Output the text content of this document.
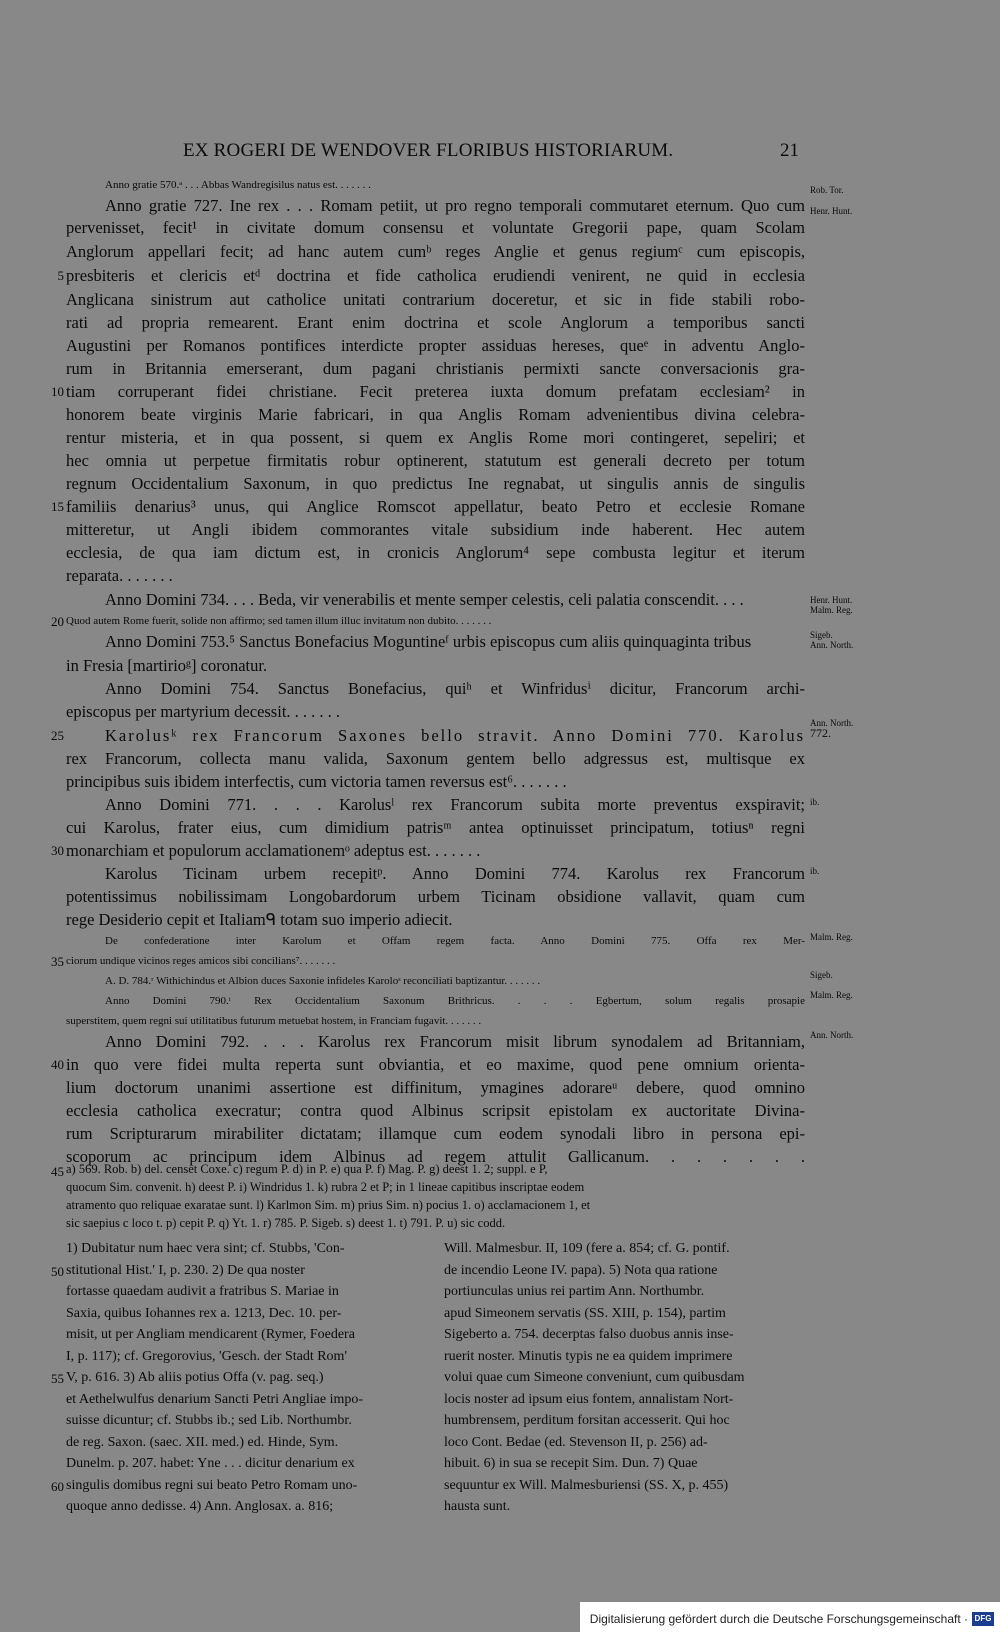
EX ROGERI DE WENDOVER FLORIBUS HISTORIARUM.	21
Anno gratie 570.ᵃ . . . Abbas Wandregisilus natus est. . . . . . .
Anno gratie 727. Ine rex . . . Romam petiit, ut pro regno temporali commutaret eternum. Quo cum
pervenisset, fecit¹ in civitate domum consensu et voluntate Gregorii pape, quam Scolam
Anglorum appellari fecit; ad hanc autem cumᵇ reges Anglie et genus regiumᶜ cum episcopis,
presbiteris et clericis etᵈ doctrina et fide catholica erudiendi venirent, ne quid in ecclesia
Anglicana sinistrum aut catholice unitati contrarium doceretur, et sic in fide stabili robo-
rati ad propria remearent. Erant enim doctrina et scole Anglorum a temporibus sancti
Augustini per Romanos pontifices interdicte propter assiduas hereses, queᵉ in adventu Anglo-
rum in Britannia emerserant, dum pagani christianis permixti sancte conversacionis gra-
tiam corruperant fidei christiane. Fecit preterea iuxta domum prefatam ecclesiam² in
honorem beate virginis Marie fabricari, in qua Anglis Romam advenientibus divina celebra-
rentur misteria, et in qua possent, si quem ex Anglis Rome mori contingeret, sepeliri; et
hec omnia ut perpetue firmitatis robur optinerent, statutum est generali decreto per totum
regnum Occidentalium Saxonum, in quo predictus Ine regnabat, ut singulis annis de singulis
familiis denarius³ unus, qui Anglice Romscot appellatur, beato Petro et ecclesie Romane
mitteretur, ut Angli ibidem commorantes vitale subsidium inde haberent. Hec autem
ecclesia, de qua iam dictum est, in cronicis Anglorum⁴ sepe combusta legitur et iterum
reparata. . . . . . .
Anno Domini 734. . . . Beda, vir venerabilis et mente semper celestis, celi palatia conscendit. . . .
Quod autem Rome fuerit, solide non affirmo; sed tamen illum illuc invitatum non dubito. . . . . . .
Anno Domini 753.⁵ Sanctus Bonefacius Moguntineᶠ urbis episcopus cum aliis quinquaginta tribus
in Fresia [martirioᵍ] coronatur.
Anno Domini 754. Sanctus Bonefacius, quiʰ et Winfridusⁱ dicitur, Francorum archi-
episcopus per martyrium decessit. . . . . . .
Karolusᵏ rex Francorum Saxones bello stravit. Anno Domini 770. Karolus
rex Francorum, collecta manu valida, Saxonum gentem bello adgressus est, multisque ex
principibus suis ibidem interfectis, cum victoria tamen reversus est⁶. . . . . . .
Anno Domini 771. . . . Karolusˡ rex Francorum subita morte preventus exspiravit;
cui Karolus, frater eius, cum dimidium patrisᵐ antea optinuisset principatum, totiusⁿ regni
monarchiam et populorum acclamationemᵒ adeptus est. . . . . . .
Karolus Ticinam urbem recepitᵖ. Anno Domini 774. Karolus rex Francorum
potentissimus nobilissimam Longobardorum urbem Ticinam obsidione vallavit, quam cum
rege Desiderio cepit et Italiamᑫ totam suo imperio adiecit.
De confederatione inter Karolum et Offam regem facta. Anno Domini 775. Offa rex Mer-
ciorum undique vicinos reges amicos sibi concilians⁷. . . . . . .
A. D. 784.ʳ Withichindus et Albion duces Saxonie infideles Karoloˢ reconciliati baptizantur. . . . . . .
Anno Domini 790.ᵗ Rex Occidentalium Saxonum Brithricus. . . . Egbertum, solum regalis prosapie
superstitem, quem regni sui utilitatibus futurum metuebat hostem, in Franciam fugavit. . . . . . .
Anno Domini 792. . . . Karolus rex Francorum misit librum synodalem ad Britanniam,
in quo vere fidei multa reperta sunt obviantia, et eo maxime, quod pene omnium orienta-
lium doctorum unanimi assertione est diffinitum, ymagines adorareᵘ debere, quod omnino
ecclesia catholica execratur; contra quod Albinus scripsit epistolam ex auctoritate Divina-
rum Scripturarum mirabiliter dictatam; illamque cum eodem synodali libro in persona epi-
scoporum ac principum idem Albinus ad regem attulit Gallicanum. . . . . . .
5
10
15
20
25
30
35
40
45
50
55
60
Rob. Tor.
Henr. Hunt.
Henr. Hunt.
Malm. Reg.
Sigeb.
Ann. North.
Ann. North.
772.
ib.
ib.
Malm. Reg.
Sigeb.
Malm. Reg.
Ann. North.
a) 569. Rob. b) del. censet Coxe. c) regum P. d) in P. e) qua P. f) Mag. P. g) deest 1. 2; suppl. e P,
quocum Sim. convenit. h) deest P. i) Windridus 1. k) rubra 2 et P; in 1 lineae capitibus inscriptae eodem
atramento quo reliquae exaratae sunt. l) Karlmon Sim. m) prius Sim. n) pocius 1. o) acclamacionem 1, et
sic saepius c loco t. p) cepit P. q) Yt. 1. r) 785. P. Sigeb. s) deest 1. t) 791. P. u) sic codd.
1) Dubitatur num haec vera sint; cf. Stubbs, 'Con-
stitutional Hist.' I, p. 230. 2) De qua noster
fortasse quaedam audivit a fratribus S. Mariae in
Saxia, quibus Iohannes rex a. 1213, Dec. 10. per-
misit, ut per Angliam mendicarent (Rymer, Foedera
I, p. 117); cf. Gregorovius, 'Gesch. der Stadt Rom'
V, p. 616. 3) Ab aliis potius Offa (v. pag. seq.)
et Aethelwulfus denarium Sancti Petri Angliae impo-
suisse dicuntur; cf. Stubbs ib.; sed Lib. Northumbr.
de reg. Saxon. (saec. XII. med.) ed. Hinde, Sym.
Dunelm. p. 207. habet: Yne . . . dicitur denarium ex
singulis domibus regni sui beato Petro Romam uno-
quoque anno dedisse. 4) Ann. Anglosax. a. 816;
Will. Malmesbur. II, 109 (fere a. 854; cf. G. pontif.
de incendio Leone IV. papa). 5) Nota qua ratione
portiunculas unius rei partim Ann. Northumbr.
apud Simeonem servatis (SS. XIII, p. 154), partim
Sigeberto a. 754. decerptas falso duobus annis inse-
ruerit noster. Minutis typis ne ea quidem imprimere
volui quae cum Simeone conveniunt, cum quibusdam
locis noster ad ipsum eius fontem, annalistam Nort-
humbrensem, perditum forsitan accesserit. Qui hoc
loco Cont. Bedae (ed. Stevenson II, p. 256) ad-
hibuit. 6) in sua se recepit Sim. Dun. 7) Quae
sequuntur ex Will. Malmesburiensi (SS. X, p. 455)
hausta sunt.
Digitalisierung gefördert durch die Deutsche Forschungsgemeinschaft · DFG
